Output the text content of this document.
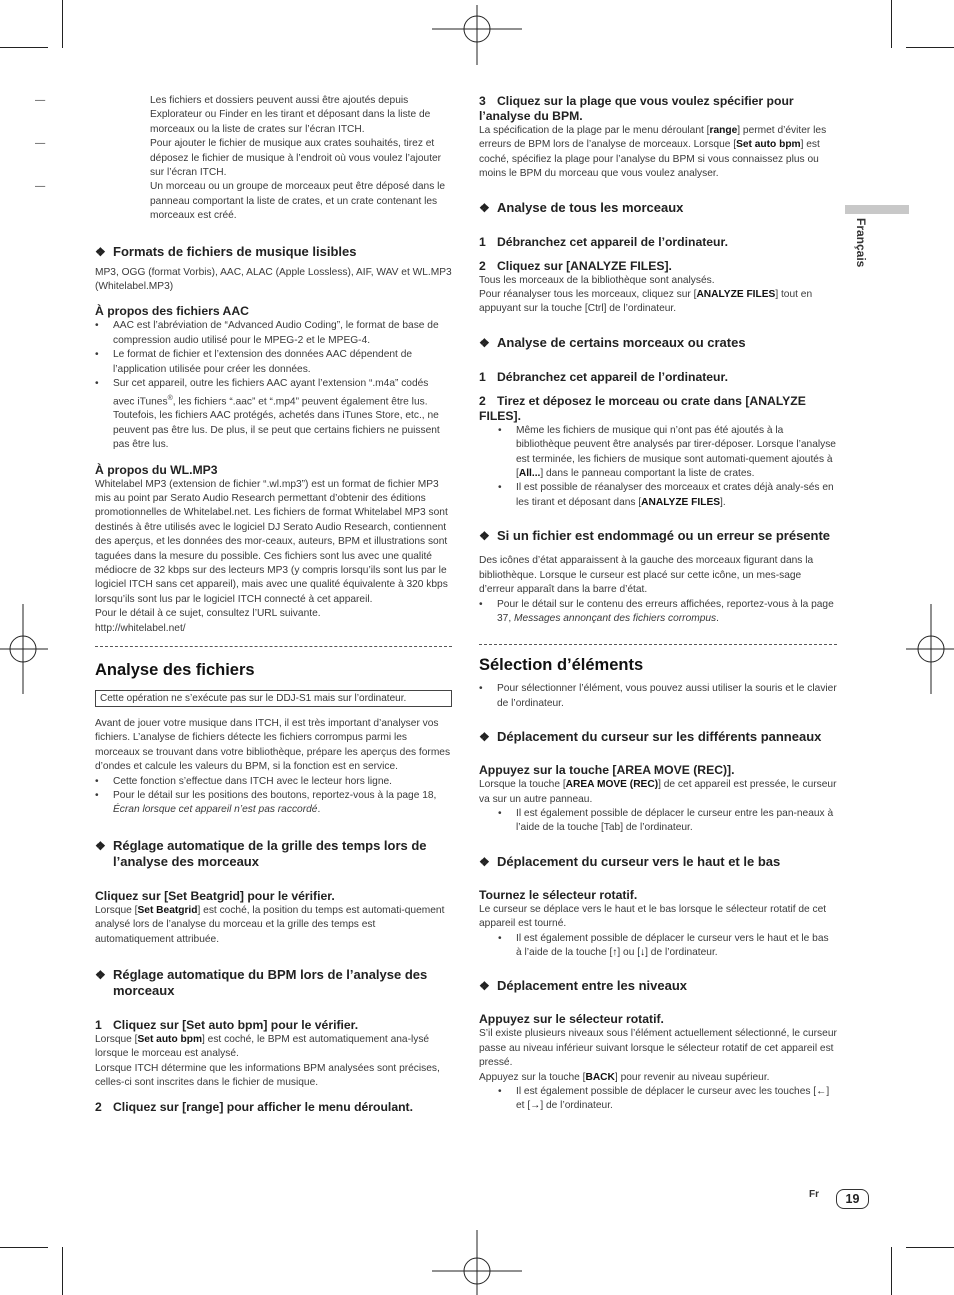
Français
— Les fichiers et dossiers peuvent aussi être ajoutés depuis Explorateur ou Finder en les tirant et déposant dans la liste de morceaux ou la liste de crates sur l’écran ITCH.
— Pour ajouter le fichier de musique aux crates souhaités, tirez et déposez le fichier de musique à l’endroit où vous voulez l’ajouter sur l’écran ITCH.
— Un morceau ou un groupe de morceaux peut être déposé dans le panneau comportant la liste de crates, et un crate contenant les morceaux est créé.
❖ Formats de fichiers de musique lisibles

MP3, OGG (format Vorbis), AAC, ALAC (Apple Lossless), AIF, WAV et WL.MP3 (Whitelabel.MP3)

À propos des fichiers AAC
• AAC est l’abréviation de “Advanced Audio Coding”, le format de base de compression audio utilisé pour le MPEG-2 et le MPEG-4.
• Le format de fichier et l’extension des données AAC dépendent de l’application utilisée pour créer les données.
• Sur cet appareil, outre les fichiers AAC ayant l’extension “.m4a” codés avec iTunes®, les fichiers “.aac” et “.mp4” peuvent également être lus. Toutefois, les fichiers AAC protégés, achetés dans iTunes Store, etc., ne peuvent pas être lus. De plus, il se peut que certains fichiers ne puissent pas être lus.
À propos du WL.MP3

Whitelabel MP3 (extension de fichier “.wl.mp3”) est un format de fichier MP3 mis au point par Serato Audio Research permettant d’obtenir des éditions promotionnelles de Whitelabel.net. Les fichiers de format Whitelabel MP3 sont destinés à être utilisés avec le logiciel DJ Serato Audio Research, contiennent des aperçus, et les données des mor-ceaux, auteurs, BPM et illustrations sont taguées dans la mesure du possible. Ces fichiers sont lus avec une qualité médiocre de 32 kbps sur des lecteurs MP3 (y compris lorsqu’ils sont lus par le logiciel ITCH sans cet appareil), mais avec une qualité équivalente à 320 kbps lorsqu’ils sont lus par le logiciel ITCH connecté à cet appareil.

Pour le détail à ce sujet, consultez l’URL suivante.

http://whitelabel.net/

Analyse des fichiers
Cette opération ne s’exécute pas sur le DDJ-S1 mais sur l’ordinateur.

Avant de jouer votre musique dans ITCH, il est très important d’analyser vos fichiers. L’analyse de fichiers détecte les fichiers corrompus parmi les morceaux se trouvant dans votre bibliothèque, prépare les aperçus des formes d’ondes et calcule les valeurs du BPM, si la fonction est en service.

• Cette fonction s’effectue dans ITCH avec le lecteur hors ligne.
• Pour le détail sur les positions des boutons, reportez-vous à la page 18, Écran lorsque cet appareil n’est pas raccordé.
❖ Réglage automatique de la grille des temps lors de l’analyse des morceaux
Cliquez sur [Set Beatgrid] pour le vérifier.

Lorsque [Set Beatgrid] est coché, la position du temps est automati-quement analysé lors de l’analyse du morceau et la grille des temps est automatiquement attribuée.

❖ Réglage automatique du BPM lors de l’analyse des morceaux
1 Cliquez sur [Set auto bpm] pour le vérifier.

Lorsque [Set auto bpm] est coché, le BPM est automatiquement ana-lysé lorsque le morceau est analysé.

Lorsque ITCH détermine que les informations BPM analysées sont précises, celles-ci sont inscrites dans le fichier de musique.

2 Cliquez sur [range] pour afficher le menu déroulant.
3 Cliquez sur la plage que vous voulez spécifier pour l’analyse du BPM.

La spécification de la plage par le menu déroulant [range] permet d’éviter les erreurs de BPM lors de l’analyse de morceaux. Lorsque [Set auto bpm] est coché, spécifiez la plage pour l’analyse du BPM si vous connaissez plus ou moins le BPM du morceau que vous voulez analyser.

❖ Analyse de tous les morceaux
1 Débranchez cet appareil de l’ordinateur.
2 Cliquez sur [ANALYZE FILES].

Tous les morceaux de la bibliothèque sont analysés.

Pour réanalyser tous les morceaux, cliquez sur [ANALYZE FILES] tout en appuyant sur la touche [Ctrl] de l’ordinateur.

❖ Analyse de certains morceaux ou crates
1 Débranchez cet appareil de l’ordinateur.
2 Tirez et déposez le morceau ou crate dans [ANALYZE FILES].
• Même les fichiers de musique qui n’ont pas été ajoutés à la bibliothèque peuvent être analysés par tirer-déposer. Lorsque l’analyse est terminée, les fichiers de musique sont automati-quement ajoutés à [All...] dans le panneau comportant la liste de crates.
• Il est possible de réanalyser des morceaux et crates déjà analy-sés en les tirant et déposant dans [ANALYZE FILES].
❖ Si un fichier est endommagé ou un erreur se présente

Des icônes d’état apparaissent à la gauche des morceaux figurant dans la bibliothèque. Lorsque le curseur est placé sur cette icône, un mes-sage d’erreur apparaît dans la barre d’état.

• Pour le détail sur le contenu des erreurs affichées, reportez-vous à la page 37, Messages annonçant des fichiers corrompus.
Sélection d’éléments
• Pour sélectionner l’élément, vous pouvez aussi utiliser la souris et le clavier de l’ordinateur.
❖ Déplacement du curseur sur les différents panneaux
Appuyez sur la touche [AREA MOVE (REC)].

Lorsque la touche [AREA MOVE (REC)] de cet appareil est pressée, le curseur va sur un autre panneau.

• Il est également possible de déplacer le curseur entre les pan-neaux à l’aide de la touche [Tab] de l’ordinateur.
❖ Déplacement du curseur vers le haut et le bas
Tournez le sélecteur rotatif.

Le curseur se déplace vers le haut et le bas lorsque le sélecteur rotatif de cet appareil est tourné.

• Il est également possible de déplacer le curseur vers le haut et le bas à l’aide de la touche [↑] ou [↓] de l’ordinateur.
❖ Déplacement entre les niveaux
Appuyez sur le sélecteur rotatif.

S’il existe plusieurs niveaux sous l’élément actuellement sélectionné, le curseur passe au niveau inférieur suivant lorsque le sélecteur rotatif de cet appareil est pressé.

Appuyez sur la touche [BACK] pour revenir au niveau supérieur.

• Il est également possible de déplacer le curseur avec les touches [←] et [→] de l’ordinateur.
Fr	19
